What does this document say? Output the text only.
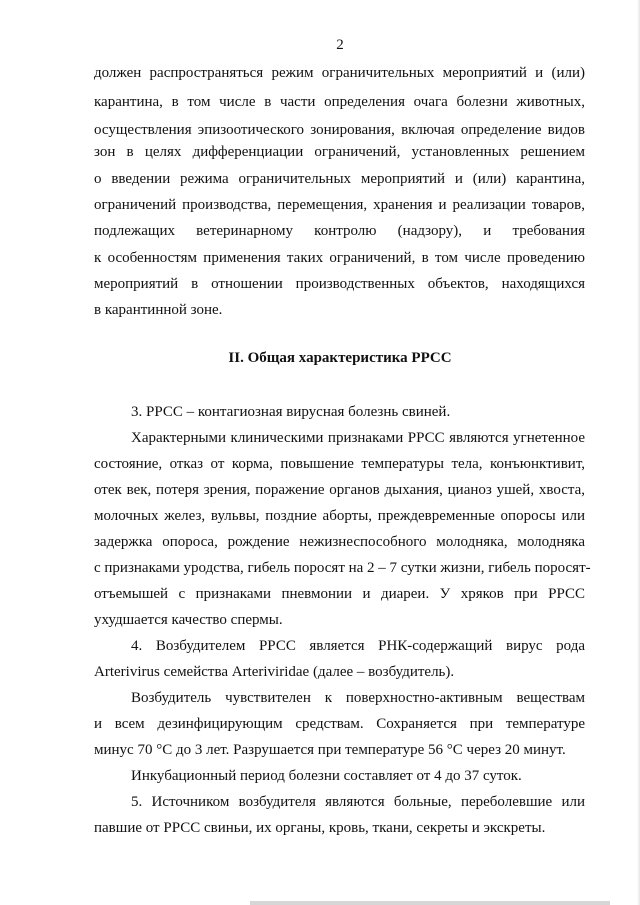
2
должен распространяться режим ограничительных мероприятий и (или)
карантина, в том числе в части определения очага болезни животных,
осуществления эпизоотического зонирования, включая определение видов
зон в целях дифференциации ограничений, установленных решением
о введении режима ограничительных мероприятий и (или) карантина,
ограничений производства, перемещения, хранения и реализации товаров,
подлежащих ветеринарному контролю (надзору), и требования
к особенностям применения таких ограничений, в том числе проведению
мероприятий в отношении производственных объектов, находящихся
в карантинной зоне.
II. Общая характеристика РРСС
3. РРСС – контагиозная вирусная болезнь свиней.
Характерными клиническими признаками РРСС являются угнетенное
состояние, отказ от корма, повышение температуры тела, конъюнктивит,
отек век, потеря зрения, поражение органов дыхания, цианоз ушей, хвоста,
молочных желез, вульвы, поздние аборты, преждевременные опоросы или
задержка опороса, рождение нежизнеспособного молодняка, молодняка
с признаками уродства, гибель поросят на 2 – 7 сутки жизни, гибель поросят-
отъемышей с признаками пневмонии и диареи. У хряков при РРСС
ухудшается качество спермы.
4. Возбудителем РРСС является РНК-содержащий вирус рода
Arterivirus семейства Arteriviridae (далее – возбудитель).
Возбудитель чувствителен к поверхностно-активным веществам
и всем дезинфицирующим средствам. Сохраняется при температуре
минус 70 °С до 3 лет. Разрушается при температуре 56 °С через 20 минут.
Инкубационный период болезни составляет от 4 до 37 суток.
5. Источником возбудителя являются больные, переболевшие или
павшие от РРСС свиньи, их органы, кровь, ткани, секреты и экскреты.
